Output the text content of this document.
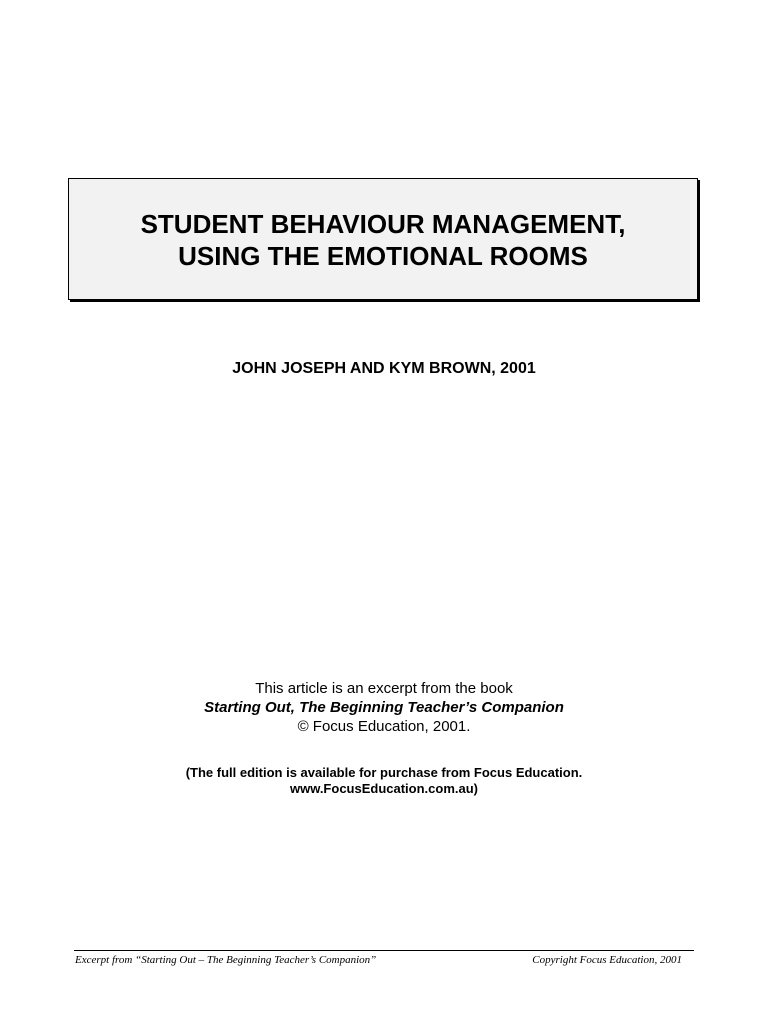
STUDENT BEHAVIOUR MANAGEMENT,
USING THE EMOTIONAL ROOMS
JOHN JOSEPH AND KYM BROWN, 2001
This article is an excerpt from the book
Starting Out, The Beginning Teacher’s Companion
© Focus Education, 2001.
(The full edition is available for purchase from Focus Education.
www.FocusEducation.com.au)
Excerpt from “Starting Out – The Beginning Teacher’s Companion”	Copyright Focus Education, 2001
